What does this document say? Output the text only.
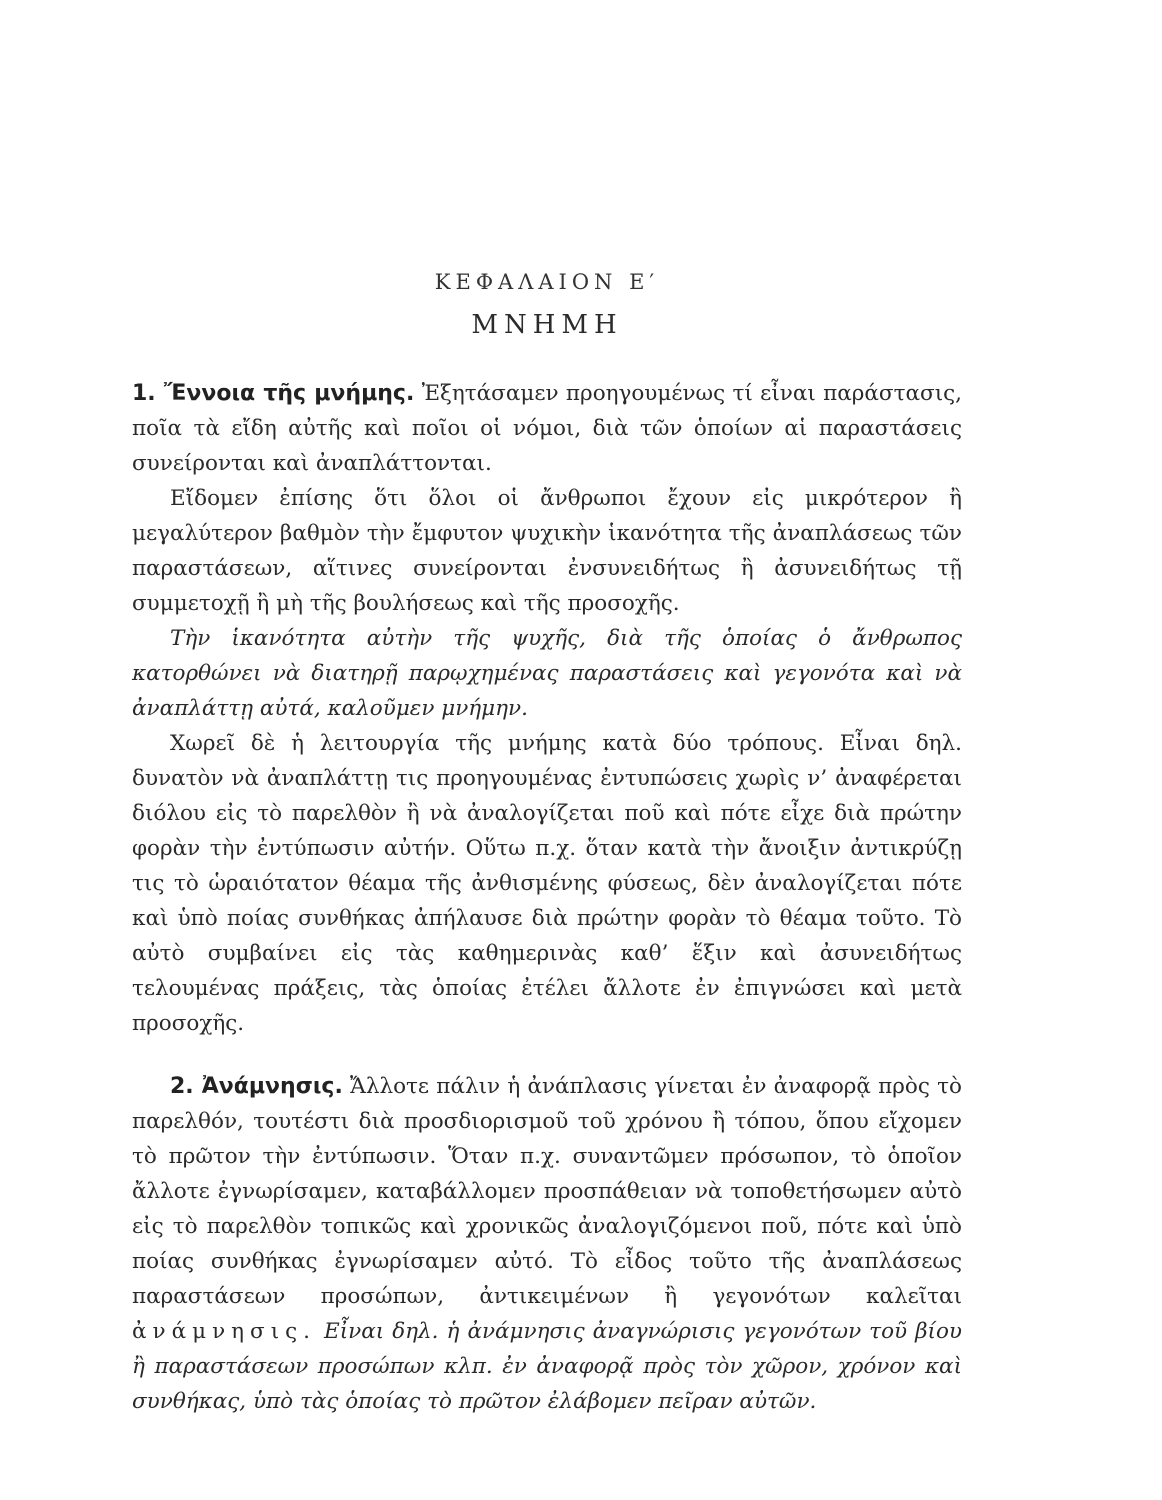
ΚΕΦΑΛΑΙΟΝ Ε′
ΜΝΗΜΗ

1. Ἔννοια τῆς μνήμης. Ἐξητάσαμεν προηγουμένως τί εἶναι παράστασις, ποῖα τὰ εἴδη αὐτῆς καὶ ποῖοι οἱ νόμοι, διὰ τῶν ὁποίων αἱ παραστάσεις συνείρονται καὶ ἀναπλάττονται.

Εἴδομεν ἐπίσης ὅτι ὅλοι οἱ ἄνθρωποι ἔχουν εἰς μικρότερον ἢ μεγαλύτερον βαθμὸν τὴν ἔμφυτον ψυχικὴν ἱκανότητα τῆς ἀναπλάσεως τῶν παραστάσεων, αἵτινες συνείρονται ἐνσυνειδήτως ἢ ἀσυνειδήτως τῇ συμμετοχῇ ἢ μὴ τῆς βουλήσεως καὶ τῆς προσοχῆς.

Τὴν ἱκανότητα αὐτὴν τῆς ψυχῆς, διὰ τῆς ὁποίας ὁ ἄνθρωπος κατορθώνει νὰ διατηρῇ παρῳχημένας παραστάσεις καὶ γεγονότα καὶ νὰ ἀναπλάττῃ αὐτά, καλοῦμεν μνήμην.

Χωρεῖ δὲ ἡ λειτουργία τῆς μνήμης κατὰ δύο τρόπους. Εἶναι δηλ. δυνατὸν νὰ ἀναπλάττῃ τις προηγουμένας ἐντυπώσεις χωρὶς ν’ ἀναφέρεται διόλου εἰς τὸ παρελθὸν ἢ νὰ ἀναλογίζεται ποῦ καὶ πότε εἶχε διὰ πρώτην φορὰν τὴν ἐντύπωσιν αὐτήν. Οὕτω π.χ. ὅταν κατὰ τὴν ἄνοιξιν ἀντικρύζῃ τις τὸ ὡραιότατον θέαμα τῆς ἀνθισμένης φύσεως, δὲν ἀναλογίζεται πότε καὶ ὑπὸ ποίας συνθήκας ἀπήλαυσε διὰ πρώτην φορὰν τὸ θέαμα τοῦτο. Τὸ αὐτὸ συμβαίνει εἰς τὰς καθημερινὰς καθ’ ἕξιν καὶ ἀσυνειδήτως τελουμένας πράξεις, τὰς ὁποίας ἐτέλει ἄλλοτε ἐν ἐπιγνώσει καὶ μετὰ προσοχῆς.

2. Ἀνάμνησις. Ἄλλοτε πάλιν ἡ ἀνάπλασις γίνεται ἐν ἀναφορᾷ πρὸς τὸ παρελθόν, τουτέστι διὰ προσδιορισμοῦ τοῦ χρόνου ἢ τόπου, ὅπου εἴχομεν τὸ πρῶτον τὴν ἐντύπωσιν. Ὅταν π.χ. συναντῶμεν πρόσωπον, τὸ ὁποῖον ἄλλοτε ἐγνωρίσαμεν, καταβάλλομεν προσπάθειαν νὰ τοποθετήσωμεν αὐτὸ εἰς τὸ παρελθὸν τοπικῶς καὶ χρονικῶς ἀναλογιζόμενοι ποῦ, πότε καὶ ὑπὸ ποίας συνθήκας ἐγνωρίσαμεν αὐτό. Τὸ εἶδος τοῦτο τῆς ἀναπλάσεως παραστάσεων προσώπων, ἀντικειμένων ἢ γεγονότων καλεῖται ἀνάμνησις. Εἶναι δηλ. ἡ ἀνάμνησις ἀναγνώρισις γεγονότων τοῦ βίου ἢ παραστάσεων προσώπων κλπ. ἐν ἀναφορᾷ πρὸς τὸν χῶρον, χρόνον καὶ συνθήκας, ὑπὸ τὰς ὁποίας τὸ πρῶτον ἐλάβομεν πεῖραν αὐτῶν.
